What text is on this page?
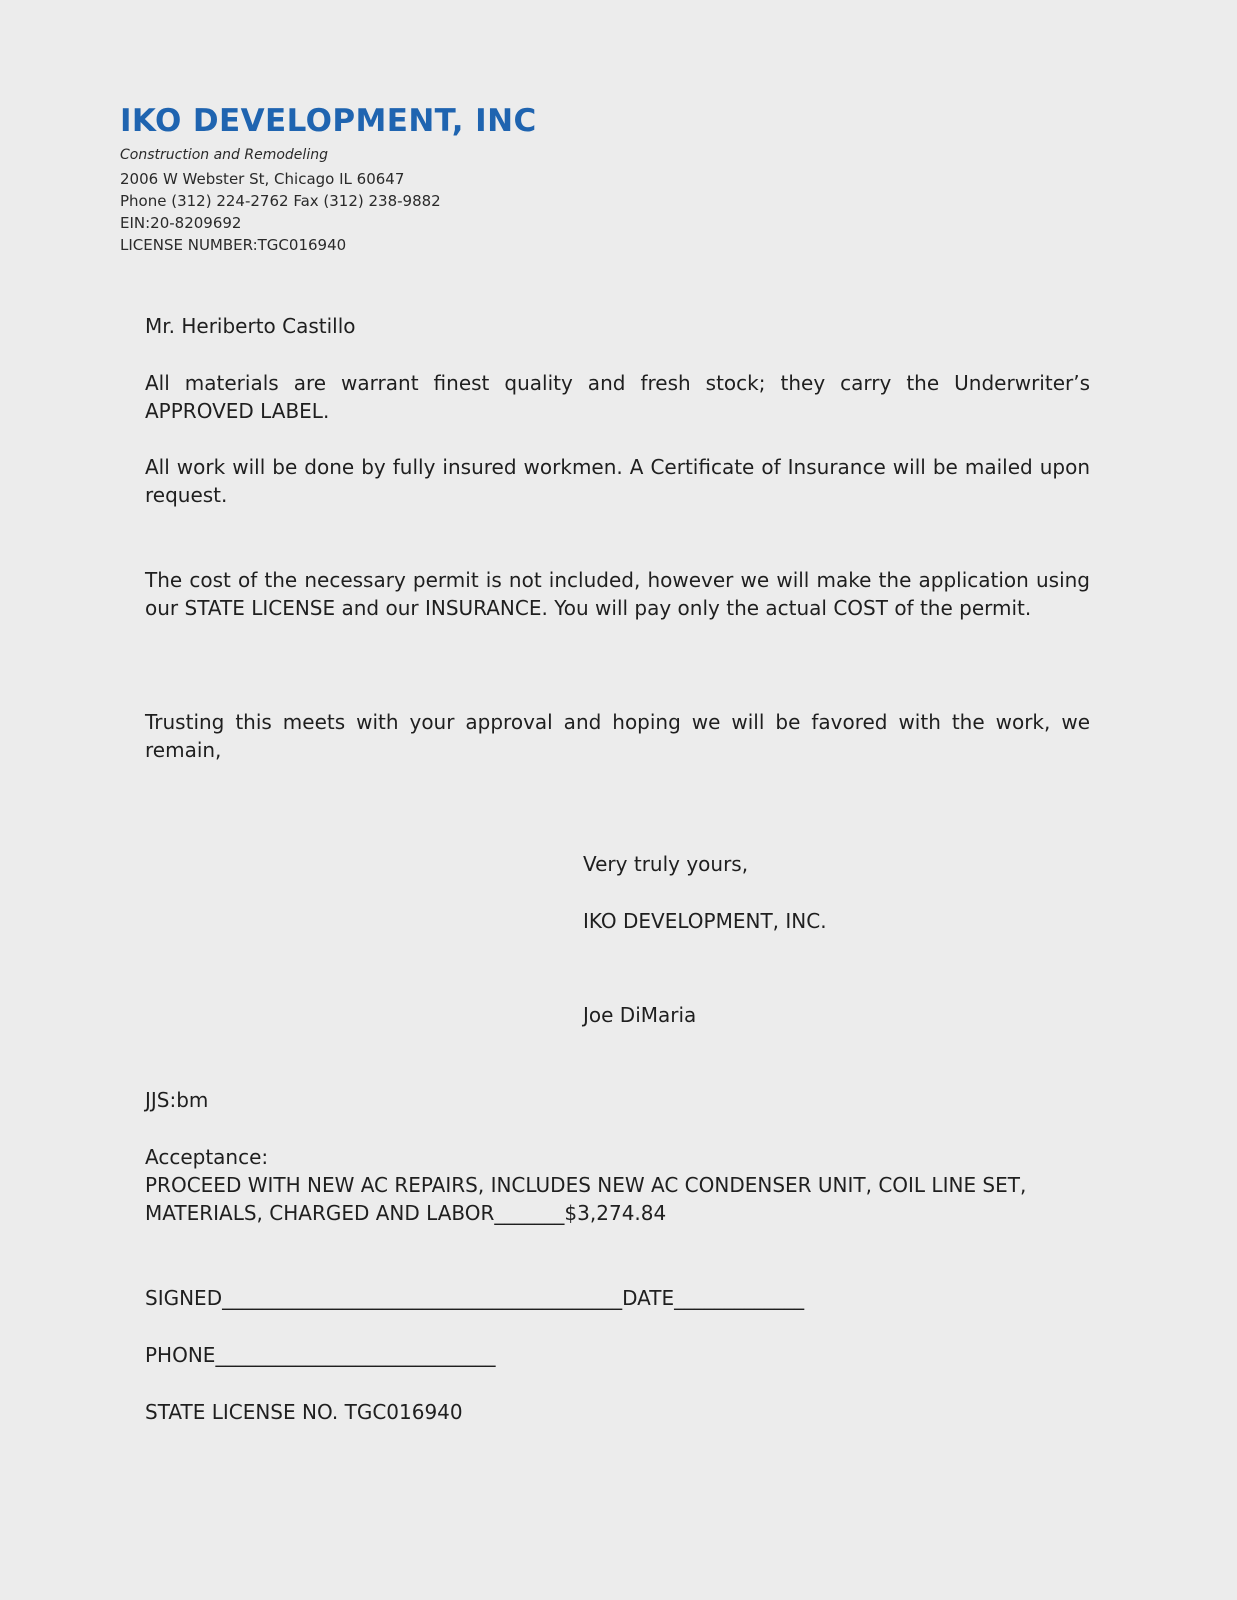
IKO DEVELOPMENT, INC
Construction and Remodeling
2006 W Webster St, Chicago IL 60647
Phone (312) 224-2762 Fax (312) 238-9882
EIN:20-8209692
LICENSE NUMBER:TGC016940
Mr. Heriberto Castillo
All materials are warrant finest quality and fresh stock; they carry the Underwriter’s APPROVED LABEL.
All work will be done by fully insured workmen. A Certificate of Insurance will be mailed upon request.
The cost of the necessary permit is not included, however we will make the application using our STATE LICENSE and our INSURANCE. You will pay only the actual COST of the permit.
Trusting this meets with your approval and hoping we will be favored with the work, we remain,
Very truly yours,
IKO DEVELOPMENT, INC.
Joe DiMaria
JJS:bm
Acceptance:
PROCEED WITH NEW AC REPAIRS, INCLUDES NEW AC CONDENSER UNIT, COIL LINE SET,
MATERIALS, CHARGED AND LABOR_______$3,274.84
SIGNED________________________________________DATE_____________
PHONE____________________________
STATE LICENSE NO. TGC016940
